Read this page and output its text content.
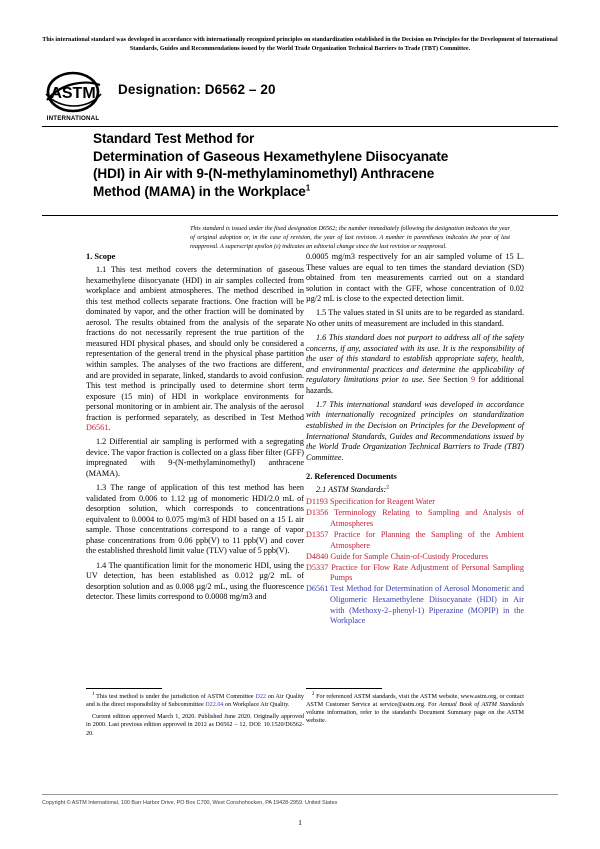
This international standard was developed in accordance with internationally recognized principles on standardization established in the Decision on Principles for the Development of International Standards, Guides and Recommendations issued by the World Trade Organization Technical Barriers to Trade (TBT) Committee.
ASTM
INTERNATIONAL
Designation: D6562 – 20
Standard Test Method for
Determination of Gaseous Hexamethylene Diisocyanate
(HDI) in Air with 9-(N-methylaminomethyl) Anthracene
Method (MAMA) in the Workplace$^1$
This standard is issued under the fixed designation D6562; the number immediately following the designation indicates the year of original adoption or, in the case of revision, the year of last revision. A number in parentheses indicates the year of last reapproval. A superscript epsilon (ε) indicates an editorial change since the last revision or reapproval.
1. Scope

1.1 This test method covers the determination of gaseous hexamethylene diisocyanate (HDI) in air samples collected from workplace and ambient atmospheres. The method described in this test method collects separate fractions. One fraction will be dominated by vapor, and the other fraction will be dominated by aerosol. The results obtained from the analysis of the separate fractions do not necessarily represent the true partition of the measured HDI physical phases, and should only be considered a representation of the general trend in the physical phase partition within samples. The analyses of the two fractions are different, and are provided in separate, linked, standards to avoid confusion. This test method is principally used to determine short term exposure (15 min) of HDI in workplace environments for personal monitoring or in ambient air. The analysis of the aerosol fraction is performed separately, as described in Test Method D6561.

1.2 Differential air sampling is performed with a segregating device. The vapor fraction is collected on a glass fiber filter (GFF) impregnated with 9-(N-methylaminomethyl) anthracene (MAMA).

1.3 The range of application of this test method has been validated from 0.006 to 1.12 µg of monomeric HDI/2.0 mL of desorption solution, which corresponds to concentrations equivalent to 0.0004 to 0.075 mg/m3 of HDI based on a 15 L air sample. Those concentrations correspond to a range of vapor phase concentrations from 0.06 ppb(V) to 11 ppb(V) and cover the established threshold limit value (TLV) value of 5 ppb(V).

1.4 The quantification limit for the monomeric HDI, using the UV detection, has been established as 0.012 µg/2 mL of desorption solution and as 0.008 µg/2 mL, using the fluorescence detector. These limits correspond to 0.0008 mg/m3 and

0.0005 mg/m3 respectively for an air sampled volume of 15 L. These values are equal to ten times the standard deviation (SD) obtained from ten measurements carried out on a standard solution in contact with the GFF, whose concentration of 0.02 µg/2 mL is close to the expected detection limit.

1.5 The values stated in SI units are to be regarded as standard. No other units of measurement are included in this standard.

1.6 This standard does not purport to address all of the safety concerns, if any, associated with its use. It is the responsibility of the user of this standard to establish appropriate safety, health, and environmental practices and determine the applicability of regulatory limitations prior to use. See Section 9 for additional hazards.

1.7 This international standard was developed in accordance with internationally recognized principles on standardization established in the Decision on Principles for the Development of International Standards, Guides and Recommendations issued by the World Trade Organization Technical Barriers to Trade (TBT) Committee.

2. Referenced Documents
2.1 ASTM Standards:$^2$

D1193 Specification for Reagent Water

D1356 Terminology Relating to Sampling and Analysis of Atmospheres

D1357 Practice for Planning the Sampling of the Ambient Atmosphere

D4840 Guide for Sample Chain-of-Custody Procedures

D5337 Practice for Flow Rate Adjustment of Personal Sampling Pumps

D6561 Test Method for Determination of Aerosol Monomeric and Oligomeric Hexamethylene Diisocyanate (HDI) in Air with (Methoxy-2–phenyl-1) Piperazine (MOPIP) in the Workplace

$^1$ This test method is under the jurisdiction of ASTM Committee D22 on Air Quality and is the direct responsibility of Subcommittee D22.04 on Workplace Air Quality.

Current edition approved March 1, 2020. Published June 2020. Originally approved in 2000. Last previous edition approved in 2012 as D6562 – 12. DOI: 10.1520/D6562-20.

$^2$ For referenced ASTM standards, visit the ASTM website, www.astm.org, or contact ASTM Customer Service at service@astm.org. For Annual Book of ASTM Standards volume information, refer to the standard's Document Summary page on the ASTM website.

Copyright © ASTM International, 100 Barr Harbor Drive, PO Box C700, West Conshohocken, PA 19428-2959. United States
1
